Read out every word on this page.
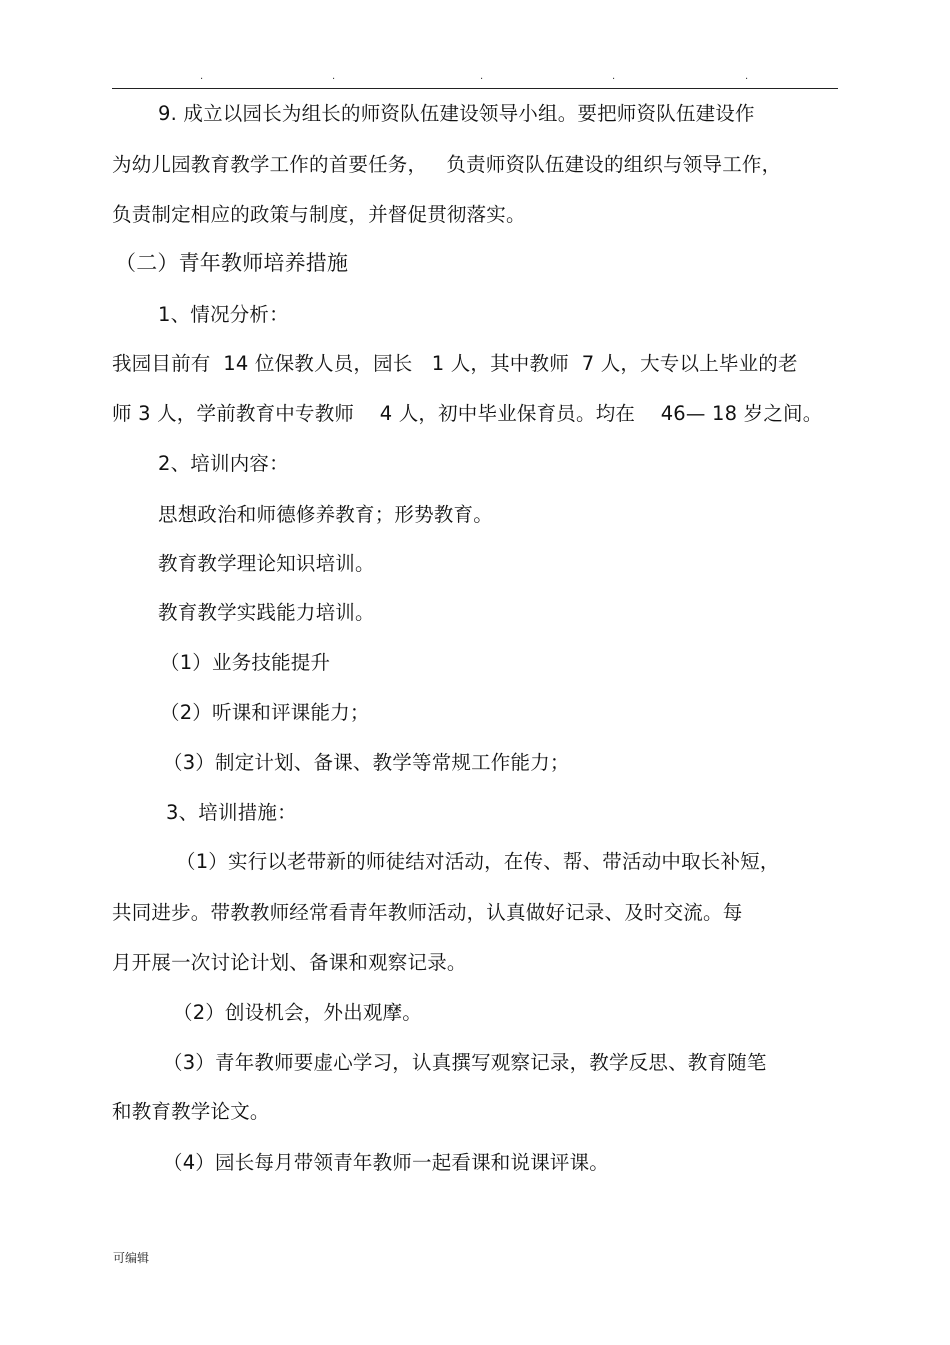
.	.	.	.	.
9. 成立以园长为组长的师资队伍建设领导小组。要把师资队伍建设作
为幼儿园教育教学工作的首要任务，   负责师资队伍建设的组织与领导工作，
负责制定相应的政策与制度，并督促贯彻落实。
（二）青年教师培养措施
1、情况分析：
我园目前有  14 位保教人员，园长   1 人，其中教师  7 人，大专以上毕业的老
师 3 人，学前教育中专教师    4 人，初中毕业保育员。均在    46— 18 岁之间。
2、培训内容：
思想政治和师德修养教育；形势教育。
教育教学理论知识培训。
教育教学实践能力培训。
（1）业务技能提升
（2）听课和评课能力；
（3）制定计划、备课、教学等常规工作能力；
3、培训措施：
（1）实行以老带新的师徒结对活动，在传、帮、带活动中取长补短，
共同进步。带教教师经常看青年教师活动，认真做好记录、及时交流。每
月开展一次讨论计划、备课和观察记录。
（2）创设机会，外出观摩。
（3）青年教师要虚心学习，认真撰写观察记录，教学反思、教育随笔
和教育教学论文。
（4）园长每月带领青年教师一起看课和说课评课。
可编辑
